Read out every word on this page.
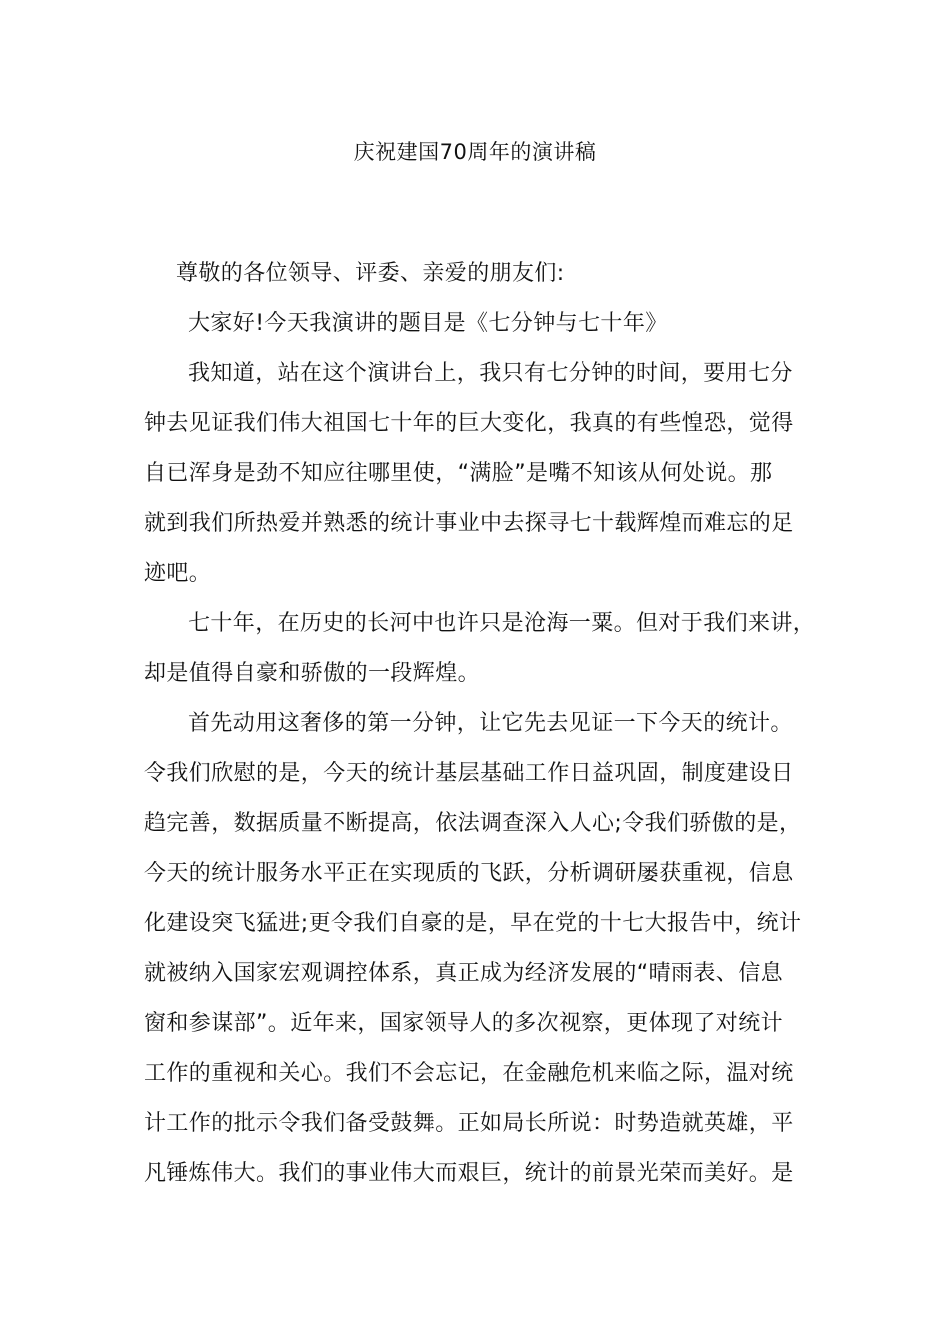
庆祝建国70周年的演讲稿
尊敬的各位领导、评委、亲爱的朋友们:
大家好!今天我演讲的题目是《七分钟与七十年》
我知道，站在这个演讲台上，我只有七分钟的时间，要用七分
钟去见证我们伟大祖国七十年的巨大变化，我真的有些惶恐，觉得
自已浑身是劲不知应往哪里使，“满脸”是嘴不知该从何处说。那
就到我们所热爱并熟悉的统计事业中去探寻七十载辉煌而难忘的足
迹吧。
七十年，在历史的长河中也许只是沧海一粟。但对于我们来讲，
却是值得自豪和骄傲的一段辉煌。
首先动用这奢侈的第一分钟，让它先去见证一下今天的统计。
令我们欣慰的是，今天的统计基层基础工作日益巩固，制度建设日
趋完善，数据质量不断提高，依法调查深入人心;令我们骄傲的是，
今天的统计服务水平正在实现质的飞跃，分析调研屡获重视，信息
化建设突飞猛进;更令我们自豪的是，早在党的十七大报告中，统计
就被纳入国家宏观调控体系，真正成为经济发展的“晴雨表、信息
窗和参谋部”。近年来，国家领导人的多次视察，更体现了对统计
工作的重视和关心。我们不会忘记，在金融危机来临之际，温对统
计工作的批示令我们备受鼓舞。正如局长所说：时势造就英雄，平
凡锤炼伟大。我们的事业伟大而艰巨，统计的前景光荣而美好。是
